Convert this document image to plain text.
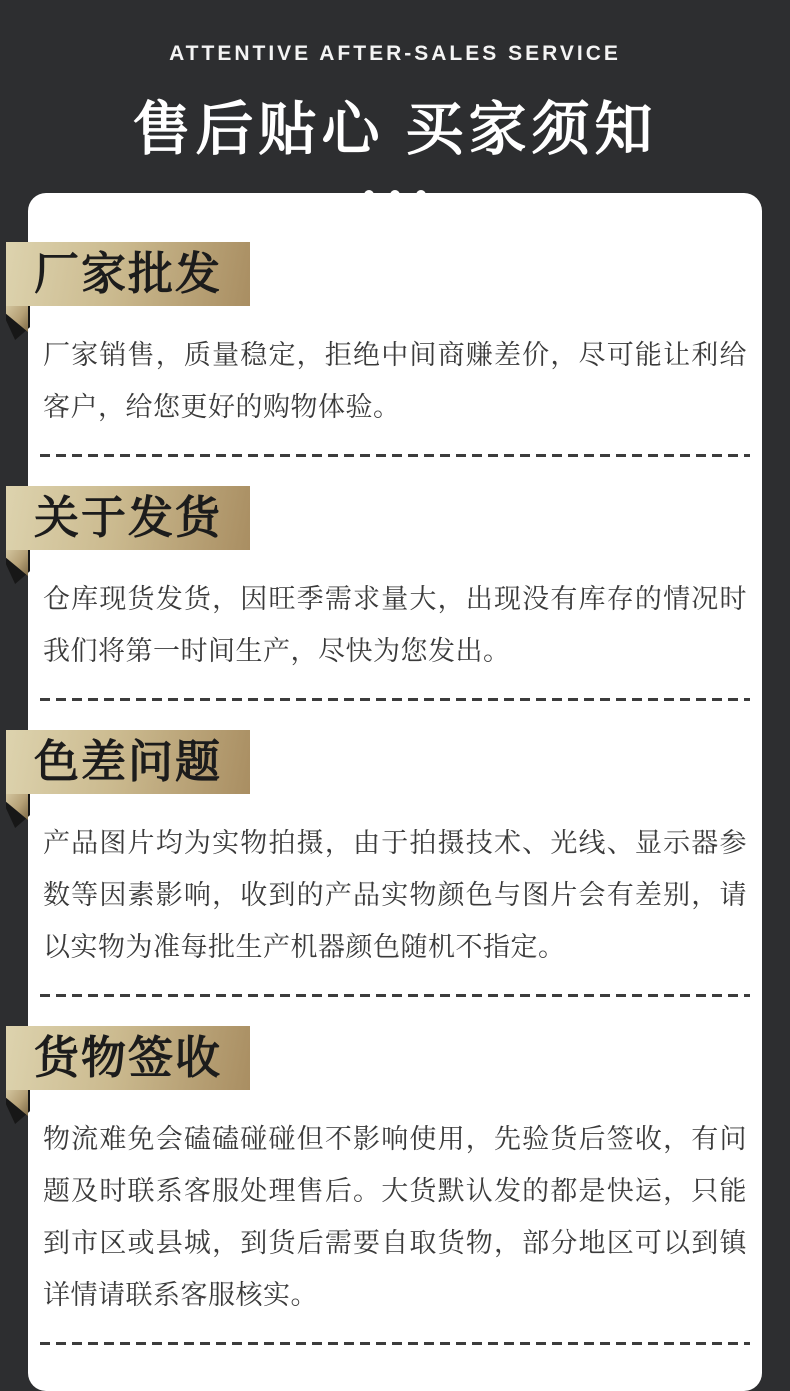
ATTENTIVE AFTER-SALES SERVICE
售后贴心 买家须知
厂家批发
厂家销售，质量稳定，拒绝中间商赚差价，尽可能让利给客户，给您更好的购物体验。
关于发货
仓库现货发货，因旺季需求量大，出现没有库存的情况时我们将第一时间生产，尽快为您发出。
色差问题
产品图片均为实物拍摄，由于拍摄技术、光线、显示器参数等因素影响，收到的产品实物颜色与图片会有差别，请以实物为准每批生产机器颜色随机不指定。
货物签收
物流难免会磕磕碰碰但不影响使用，先验货后签收，有问题及时联系客服处理售后。大货默认发的都是快运，只能到市区或县城，到货后需要自取货物，部分地区可以到镇详情请联系客服核实。
